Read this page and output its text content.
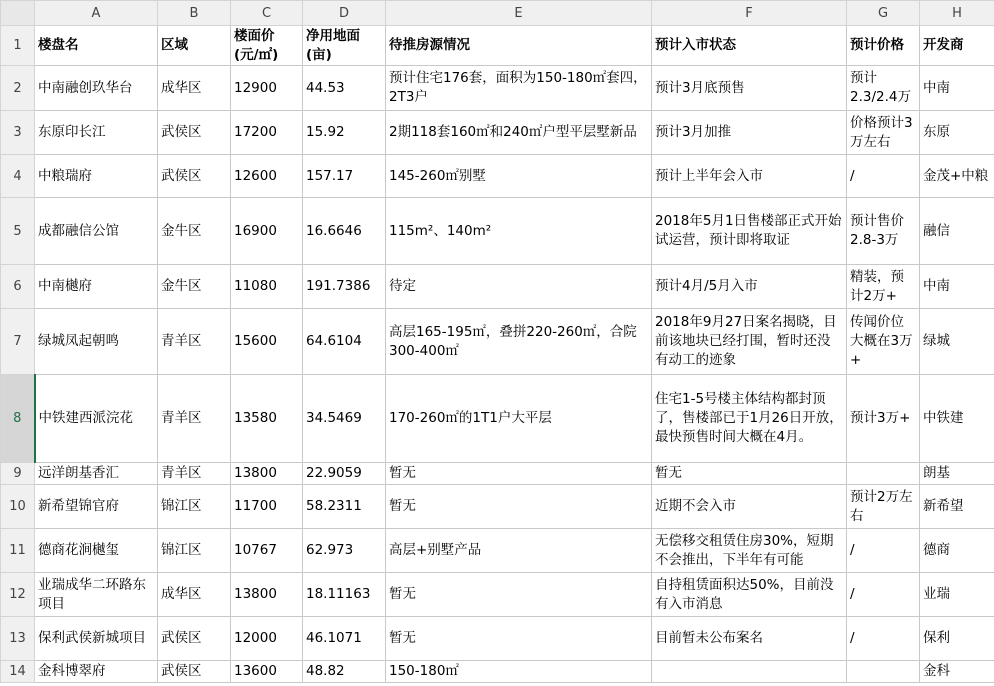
	A	B	C	D	E	F	G	H
1	楼盘名	区域	楼面价(元/㎡)	净用地面(亩)	待推房源情况	预计入市状态	预计价格	开发商
2	中南融创玖华台	成华区	12900	44.53	预计住宅176套，面积为150-180㎡套四，2T3户	预计3月底预售	预计2.3/2.4万	中南
3	东原印长江	武侯区	17200	15.92	2期118套160㎡和240㎡户型平层墅新品	预计3月加推	价格预计3万左右	东原
4	中粮瑞府	武侯区	12600	157.17	145-260㎡别墅	预计上半年会入市	/	金茂+中粮
5	成都融信公馆	金牛区	16900	16.6646	115m²、140m²	2018年5月1日售楼部正式开始试运营，预计即将取证	预计售价2.8-3万	融信
6	中南樾府	金牛区	11080	191.7386	待定	预计4月/5月入市	精装，预计2万+	中南
7	绿城凤起朝鸣	青羊区	15600	64.6104	高层165-195㎡，叠拼220-260㎡，合院300-400㎡	2018年9月27日案名揭晓，目前该地块已经打围，暂时还没有动工的迹象	传闻价位大概在3万+	绿城
8	中铁建西派浣花	青羊区	13580	34.5469	170-260㎡的1T1户大平层	住宅1-5号楼主体结构都封顶了，售楼部已于1月26日开放，最快预售时间大概在4月。	预计3万+	中铁建
9	远洋朗基香汇	青羊区	13800	22.9059	暂无	暂无		朗基
10	新希望锦官府	锦江区	11700	58.2311	暂无	近期不会入市	预计2万左右	新希望
11	德商花涧樾玺	锦江区	10767	62.973	高层+别墅产品	无偿移交租赁住房30%，短期不会推出，下半年有可能	/	德商
12	业瑞成华二环路东项目	成华区	13800	18.11163	暂无	自持租赁面积达50%，目前没有入市消息	/	业瑞
13	保利武侯新城项目	武侯区	12000	46.1071	暂无	目前暂未公布案名	/	保利
14	金科博翠府	武侯区	13600	48.82	150-180㎡			金科
